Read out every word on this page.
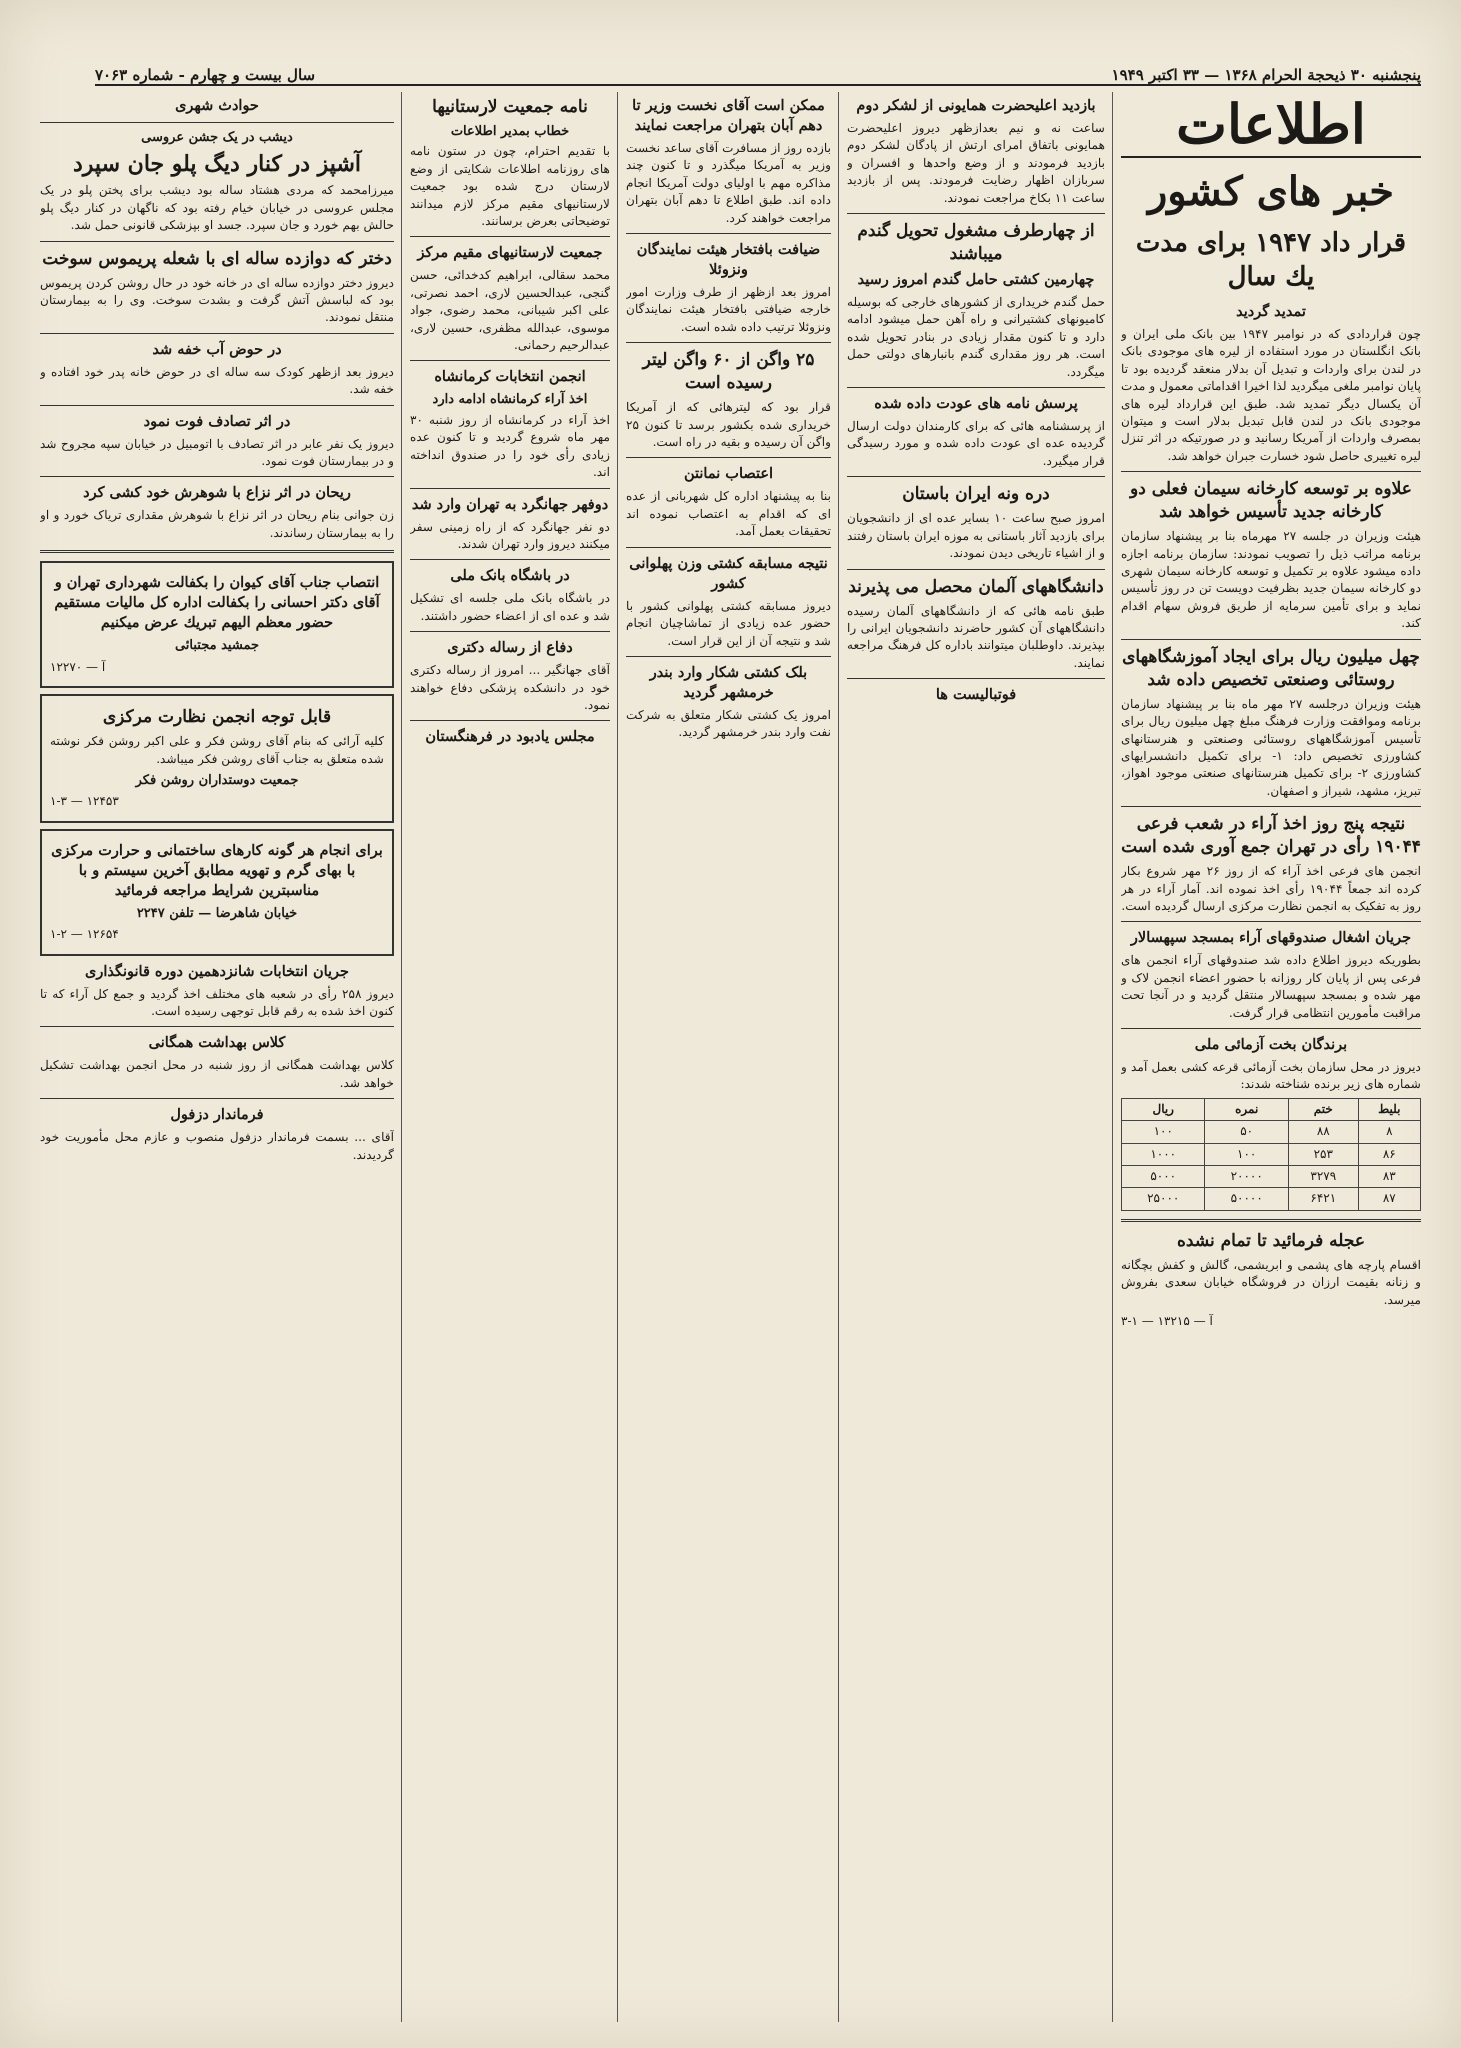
پنجشنبه ۳۰ ذیحجة الحرام ۱۳۶۸ — ۳۳ اکتبر ۱۹۴۹
سال بیست و چهارم - شماره ۷۰۶۳
اطلاعات
خبر های کشور
قرار داد ۱۹۴۷ برای مدت یك سال
تمدید گردید

چون قراردادی که در نوامبر ۱۹۴۷ بین بانک ملی ایران و بانک انگلستان در مورد استفاده از لیره های موجودی بانک در لندن برای واردات و تبدیل آن بدلار منعقد گردیده بود تا پایان نوامبر ملغی میگردید لذا اخیرا اقداماتی معمول و مدت آن یکسال دیگر تمدید شد. طبق این قرارداد لیره های موجودی بانک در لندن قابل تبدیل بدلار است و میتوان بمصرف واردات از آمریکا رسانید و در صورتیکه در اثر تنزل لیره تغییری حاصل شود خسارت جبران خواهد شد.

علاوه بر توسعه کارخانه سیمان فعلی دو کارخانه جدید تأسیس خواهد شد

هیئت وزیران در جلسه ۲۷ مهرماه بنا بر پیشنهاد سازمان برنامه مراتب ذیل را تصویب نمودند: سازمان برنامه اجازه داده میشود علاوه بر تکمیل و توسعه کارخانه سیمان شهری دو کارخانه سیمان جدید بظرفیت دویست تن در روز تأسیس نماید و برای تأمین سرمایه از طریق فروش سهام اقدام کند.

چهل میلیون ریال برای ایجاد آموزشگاههای روستائی وصنعتی تخصیص داده شد

هیئت وزیران درجلسه ۲۷ مهر ماه بنا بر پیشنهاد سازمان برنامه وموافقت وزارت فرهنگ مبلغ چهل میلیون ریال برای تأسیس آموزشگاههای روستائی وصنعتی و هنرستانهای کشاورزی تخصیص داد: ۱- برای تکمیل دانشسرایهای کشاورزی ۲- برای تکمیل هنرستانهای صنعتی موجود اهواز، تبریز، مشهد، شیراز و اصفهان.

نتیجه پنج روز اخذ آراء در شعب فرعی ۱۹۰۴۴ رأی در تهران جمع آوری شده است

انجمن های فرعی اخذ آراء که از روز ۲۶ مهر شروع بکار کرده اند جمعاً ۱۹۰۴۴ رأی اخذ نموده اند. آمار آراء در هر روز به تفکیک به انجمن نظارت مرکزی ارسال گردیده است.

جریان اشغال صندوقهای آراء بمسجد سپهسالار

بطوریکه دیروز اطلاع داده شد صندوقهای آراء انجمن های فرعی پس از پایان کار روزانه با حضور اعضاء انجمن لاک و مهر شده و بمسجد سپهسالار منتقل گردید و در آنجا تحت مراقبت مأمورین انتظامی قرار گرفت.

برندگان بخت آزمائی ملی

دیروز در محل سازمان بخت آزمائی قرعه کشی بعمل آمد و شماره های زیر برنده شناخته شدند:

بلیط	ختم	نمره	ریال
۸	۸۸	۵۰	۱۰۰
۸۶	۲۵۳	۱۰۰	۱۰۰۰
۸۳	۳۲۷۹	۲۰۰۰۰	۵۰۰۰
۸۷	۶۴۲۱	۵۰۰۰۰	۲۵۰۰۰
عجله فرمائید تا تمام نشده

اقسام پارچه های پشمی و ابریشمی، گالش و کفش بچگانه و زنانه بقیمت ارزان در فروشگاه خیابان سعدی بفروش میرسد.

۳-۱ — ۱۳۲۱۵ — آ
بازدید اعلیحضرت همایونی از لشکر دوم

ساعت نه و نیم بعدازظهر دیروز اعلیحضرت همایونی باتفاق امرای ارتش از پادگان لشکر دوم بازدید فرمودند و از وضع واحدها و افسران و سربازان اظهار رضایت فرمودند. پس از بازدید ساعت ۱۱ بکاخ مراجعت نمودند.

از چهارطرف مشغول تحویل گندم میباشند
چهارمین کشتی حامل گندم امروز رسید

حمل گندم خریداری از کشورهای خارجی که بوسیله کامیونهای کشتیرانی و راه آهن حمل میشود ادامه دارد و تا کنون مقدار زیادی در بنادر تحویل شده است. هر روز مقداری گندم بانبارهای دولتی حمل میگردد.

پرسش نامه های عودت داده شده

از پرسشنامه هائی که برای کارمندان دولت ارسال گردیده عده ای عودت داده شده و مورد رسیدگی قرار میگیرد.

دره ونه ایران باستان

امروز صبح ساعت ۱۰ بساير عده ای از دانشجویان برای بازدید آثار باستانی به موزه ایران باستان رفتند و از اشیاء تاریخی دیدن نمودند.

دانشگاههای آلمان محصل می پذیرند

طبق نامه هائی که از دانشگاههای آلمان رسیده دانشگاههای آن کشور حاضرند دانشجویان ایرانی را بپذیرند. داوطلبان میتوانند باداره کل فرهنگ مراجعه نمایند.

فوتبالیست ها
ممکن است آقای نخست وزیر تا دهم آبان بتهران مراجعت نمایند

بازده روز از مسافرت آقای ساعد نخست وزیر به آمریکا میگذرد و تا کنون چند مذاکره مهم با اولیای دولت آمریکا انجام داده اند. طبق اطلاع تا دهم آبان بتهران مراجعت خواهند کرد.

ضیافت بافتخار هیئت نمایندگان ونزوئلا

امروز بعد ازظهر از طرف وزارت امور خارجه ضیافتی بافتخار هیئت نمایندگان ونزوئلا ترتیب داده شده است.

۲۵ واگن از ۶۰ واگن لیتر رسیده است

قرار بود که لیترهائی که از آمریکا خریداری شده بکشور برسد تا کنون ۲۵ واگن آن رسیده و بقیه در راه است.

اعتصاب نمانتن

بنا به پیشنهاد اداره کل شهربانی از عده ای که اقدام به اعتصاب نموده اند تحقیقات بعمل آمد.

نتیجه مسابقه کشتی وزن پهلوانی کشور

دیروز مسابقه کشتی پهلوانی کشور با حضور عده زیادی از تماشاچیان انجام شد و نتیجه آن از این قرار است.

بلک کشتی شکار وارد بندر خرمشهر گردید

امروز یک کشتی شکار متعلق به شرکت نفت وارد بندر خرمشهر گردید.

نامه جمعیت لارستانیها
خطاب بمدیر اطلاعات

با تقدیم احترام، چون در ستون نامه های روزنامه اطلاعات شکایتی از وضع لارستان درج شده بود جمعیت لارستانیهای مقیم مرکز لازم میدانند توضیحاتی بعرض برسانند.

جمعیت لارستانیهای مقیم مرکز

محمد سقالی، ابراهیم کدخدائی، حسن گنجی، عبدالحسین لاری، احمد نصرتی، علی اکبر شیبانی، محمد رضوی، جواد موسوی، عبدالله مظفری، حسین لاری، عبدالرحیم رحمانی.

انجمن انتخابات کرمانشاه
اخذ آراء کرمانشاه ادامه دارد

اخذ آراء در کرمانشاه از روز شنبه ۳۰ مهر ماه شروع گردید و تا کنون عده زیادی رأی خود را در صندوق انداخته اند.

دوفهر جهانگرد به تهران وارد شد

دو نفر جهانگرد که از راه زمینی سفر میکنند دیروز وارد تهران شدند.

در باشگاه بانک ملی

در باشگاه بانک ملی جلسه ای تشکیل شد و عده ای از اعضاء حضور داشتند.

دفاع از رساله دکتری

آقای جهانگیر ... امروز از رساله دکتری خود در دانشکده پزشکی دفاع خواهند نمود.

مجلس یادبود در فرهنگستان
حوادث شهری
دیشب در یک جشن عروسی
آشپز در کنار دیگ پلو جان سپرد

میرزامحمد که مردی هشتاد ساله بود دیشب برای پختن پلو در یک مجلس عروسی در خیابان خیام رفته بود که ناگهان در کنار دیگ پلو حالش بهم خورد و جان سپرد. جسد او بپزشکی قانونی حمل شد.

دختر که دوازده ساله ای با شعله پریموس سوخت

دیروز دختر دوازده ساله ای در خانه خود در حال روشن کردن پریموس بود که لباسش آتش گرفت و بشدت سوخت. وی را به بیمارستان منتقل نمودند.

در حوض آب خفه شد

دیروز بعد ازظهر کودک سه ساله ای در حوض خانه پدر خود افتاده و خفه شد.

در اثر تصادف فوت نمود

دیروز یک نفر عابر در اثر تصادف با اتومبیل در خیابان سپه مجروح شد و در بیمارستان فوت نمود.

ریحان در اثر نزاع با شوهرش خود کشی کرد

زن جوانی بنام ریحان در اثر نزاع با شوهرش مقداری تریاک خورد و او را به بیمارستان رساندند.

انتصاب جناب آقای کیوان را بکفالت شهرداری تهران و آقای دکتر احسانی را بکفالت اداره کل مالیات مستقیم حضور معظم الیهم تبریك عرض میکنیم
جمشید مجتبائی
آ — ۱۲۲۷۰
قابل توجه انجمن نظارت مرکزی

کلیه آرائی که بنام آقای روشن فکر و علی اکبر روشن فکر نوشته شده متعلق به جناب آقای روشن فکر میباشد.

جمعیت دوستداران روشن فکر
۱-۳ — ۱۲۴۵۳
برای انجام هر گونه کارهای ساختمانی و حرارت مرکزی با بهای گرم و تهویه مطابق آخرین سیستم و با مناسبترین شرایط مراجعه فرمائید
خیابان شاهرضا — تلفن ۲۲۴۷
۱-۲ — ۱۲۶۵۴
جریان انتخابات شانزدهمین دوره قانونگذاری

دیروز ۲۵۸ رأی در شعبه های مختلف اخذ گردید و جمع کل آراء که تا کنون اخذ شده به رقم قابل توجهی رسیده است.

کلاس بهداشت همگانی

کلاس بهداشت همگانی از روز شنبه در محل انجمن بهداشت تشکیل خواهد شد.

فرماندار دزفول

آقای ... بسمت فرماندار دزفول منصوب و عازم محل مأموریت خود گردیدند.
